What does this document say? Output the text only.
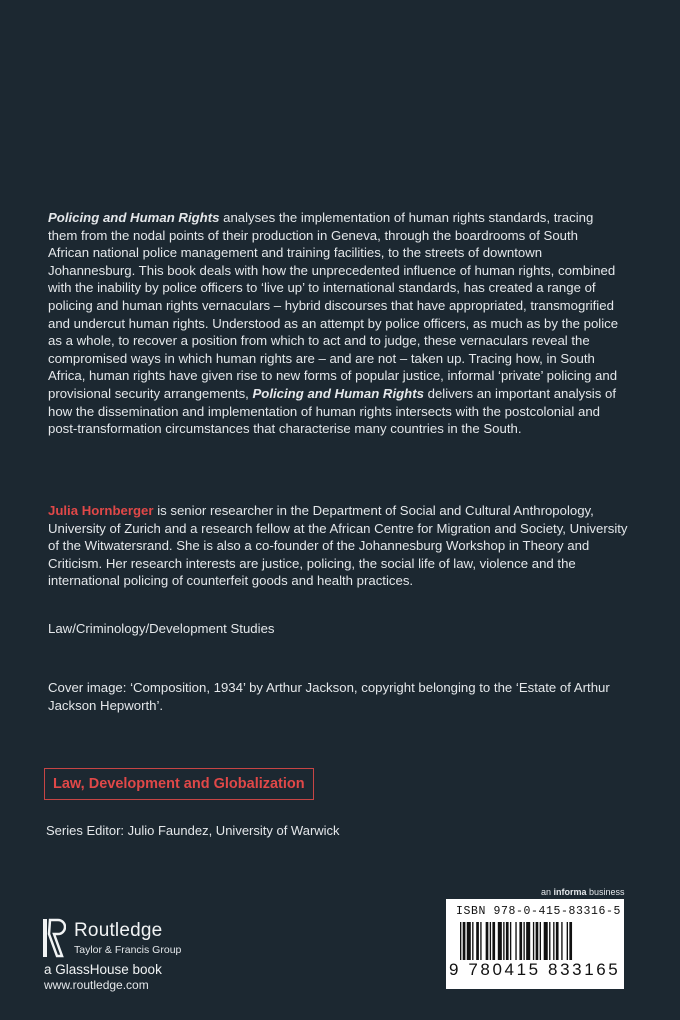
Policing and Human Rights analyses the implementation of human rights standards, tracing them from the nodal points of their production in Geneva, through the boardrooms of South African national police management and training facilities, to the streets of downtown Johannesburg. This book deals with how the unprecedented influence of human rights, combined with the inability by police officers to ‘live up’ to international standards, has created a range of policing and human rights vernaculars – hybrid discourses that have appropriated, transmogrified and undercut human rights. Understood as an attempt by police officers, as much as by the police as a whole, to recover a position from which to act and to judge, these vernaculars reveal the compromised ways in which human rights are – and are not – taken up. Tracing how, in South Africa, human rights have given rise to new forms of popular justice, informal ‘private’ policing and provisional security arrangements, Policing and Human Rights delivers an important analysis of how the dissemination and implementation of human rights intersects with the postcolonial and post-transformation circumstances that characterise many countries in the South.

Julia Hornberger is senior researcher in the Department of Social and Cultural Anthropology, University of Zurich and a research fellow at the African Centre for Migration and Society, University of the Witwatersrand. She is also a co-founder of the Johannesburg Workshop in Theory and Criticism. Her research interests are justice, policing, the social life of law, violence and the international policing of counterfeit goods and health practices.

Law/Criminology/Development Studies

Cover image: ‘Composition, 1934’ by Arthur Jackson, copyright belonging to the ‘Estate of Arthur Jackson Hepworth’.

Law, Development and Globalization

Series Editor: Julio Faundez, University of Warwick

Routledge
Taylor & Francis Group
a GlassHouse book
www.routledge.com
an informa business
ISBN 978-0-415-83316-5
9 780415 833165
